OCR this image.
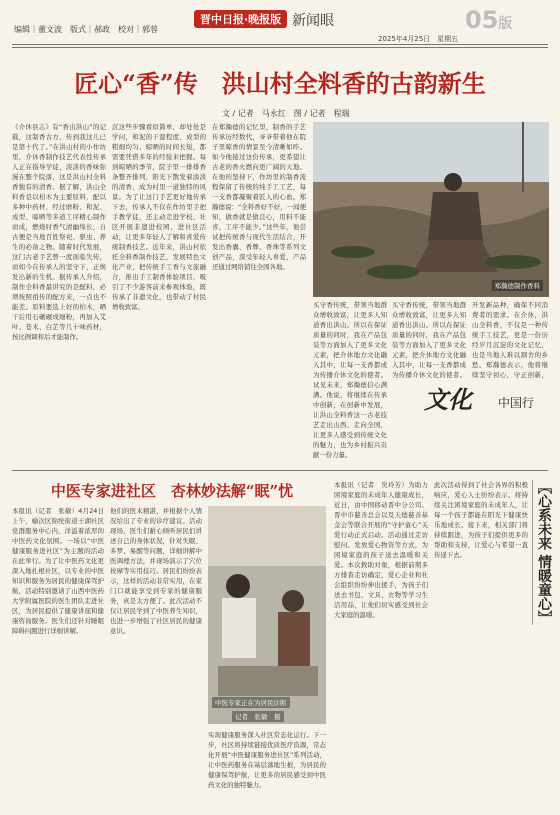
编辑｜董文波　版式｜郝政　校对｜郭蓉
晋中日报·晚报版 新闻眼	05版
2025年4月25日　星期五
匠心“香”传　洪山村全料香的古韵新生
文 / 记者　马永红　图 / 记者　程瑞
《介休县志》有“香出洪山”的记载，这制香古方，传到我这儿已是第十代了。”在洪山村的小作坊里，介休香制作技艺代表性传承人正在指导学徒，淡淡的香味弥漫在整个院落，这是洪山村全料香独有的清香。据了解，洪山全料香是以柏木为主要原料，配以多种中药材，经过磨粉、和泥、成型、晾晒等多道工序精心制作而成，燃烧时香气清幽绵长，自古便是当地百姓祭祀、驱虫、养生的必备之物。随着时代发展，这门古老手艺曾一度面临失传，而如今在传承人的坚守下，正焕发出新的生机。据传承人介绍，制作全料香最讲究的是配料，必须按照祖传的配方来，一点也不能差。原料要选上好的柏木，晒干后用石碾碾成细粉，再加入艾叶、苍术、白芷等几十味药材，按比例调和后才能制作。
沉这些步骤看似简单，却处处是学问，和泥的干湿程度、成型的粗细均匀、晾晒的时间长短，都需要凭借多年的经验来把握。每到晾晒的季节，院子里一排排香条整齐排列，阳光下散发着淡淡的清香，成为村里一道独特的风景。为了让这门手艺更好地传承下去，传承人不仅在作坊里手把手教学徒，还主动走进学校、社区开展非遗进校园、进社区活动，让更多年轻人了解和喜爱传统制香技艺。近年来，洪山村依托全料香制作技艺，发展特色文化产业，把传统手工香与文旅融合，推出手工制香体验项目，吸引了不少游客前来参观体验，既传承了非遗文化，也带动了村民增收致富。
在郑瀚德的记忆里，制香的手艺传承历经数代，爷爷带着他在院子里晾香的情景至今清晰如昨。如今他接过这份传承，更希望让古老的香火燃向更广阔的天地。在他的坚持下，作坊里的制香流程保留了传统的纯手工工艺，每一支香都凝聚着匠人的心血。郑瀚德说：“全料香好不好，一闻便知，做香就是做良心，用料不能省，工序不能少。”这些年，他尝试把传统香与现代生活结合，开发出香囊、香牌、香珠等系列文创产品，深受年轻人喜爱，产品还通过网络销往全国各地。
郑瀚德制作香料
买守香传统，带领当地群众增收致富，让更多人知道香出洪山。所以在保证质量的同时，我在产品包装等方面加入了更多文化元素，把介休地方文化融入其中，让每一支香都成为传播介休文化的使者。试见未来，郑瀚德信心满满。他说，将继续在传承中创新，在创新中发展，让洪山全料香这一古老技艺走出山西、走向全国，让更多人感受到传统文化的魅力，也为乡村振兴贡献一份力量。
买守香传统，带领当地群众增收致富，让更多人知道香出洪山。所以在保证质量的同时，我在产品包装等方面加入了更多文化元素，把介休地方文化融入其中，让每一支香都成为传播介休文化的使者。
开发新品种，确保不同消费者的需求。在介休，洪山全料香，不仅是一种传统手工技艺，更是一份历经岁月沉淀的文化记忆，也是当地人难以割舍的乡愁。郑瀚德表示，他将继续坚守初心，守正创新，
文化 中国行
中医专家进社区　杏林妙法解“眠”忧
本报讯（记者　张敏）4月24日上午，榆次区锦纶街道王湖社区党群服务中心内，洋溢着浓厚的中医药文化氛围。一场以“中医健康服务进社区”为主题的活动在此举行。为了让中医药文化更深入地扎根社区，以专业的中医知识和服务为居民的健康保驾护航，活动特别邀请了山西中医药大学附属医院的医生团队走进社区，为居民提供了健康讲座和健康咨询服务。医生们还针对睡眠障碍问题进行详细讲解。
他们的医术精湛，并根据个人情况给出了专业的诊疗建议。活动现场，医生们耐心倾听居民们讲述自己的身体状况，针对失眠、多梦、易醒等问题，详细讲解中医调理方法，并现场演示了穴位按摩等实用技巧。居民们纷纷表示，这样的活动非常实用，在家门口就能享受到专家的健康服务，真是太方便了。此次活动不仅让居民学到了中医养生知识，也进一步增强了社区居民的健康意识。
中医专家正在为居民诊断
记者　张敏　摄
实现健康服务深入社区常态化运行。下一步，社区将持续链接优质医疗资源，常态化开展“中医健康服务进社区”系列活动，让中医药服务在基层落地生根，为居民的健康保驾护航，让更多的居民感受到中医药文化的独特魅力。
本报讯（记者　吴玲芳）为助力困境家庭的未成年人健康成长，近日，由中国移动晋中分公司、晋中市慈善总会以及天德慈善基金会等联合开展的“守护童心”关爱行动正式启动。活动通过走访慰问、发放爱心物资等方式，为困境家庭的孩子送去温暖和关爱。本次救助对象，根据前期多方排查走访确定，爱心企业和社会组织纷纷伸出援手，为孩子们送去书包、文具、衣物等学习生活用品，让他们切实感受到社会大家庭的温暖。
此次活动得到了社会各界的积极响应，爱心人士纷纷表示，将持续关注困境家庭的未成年人，让每一个孩子都能在阳光下健康快乐地成长。接下来，相关部门将持续跟进，为孩子们提供更多的帮助和支持，让爱心与希望一直传递下去。	〖心系未来 情暖童心〗
